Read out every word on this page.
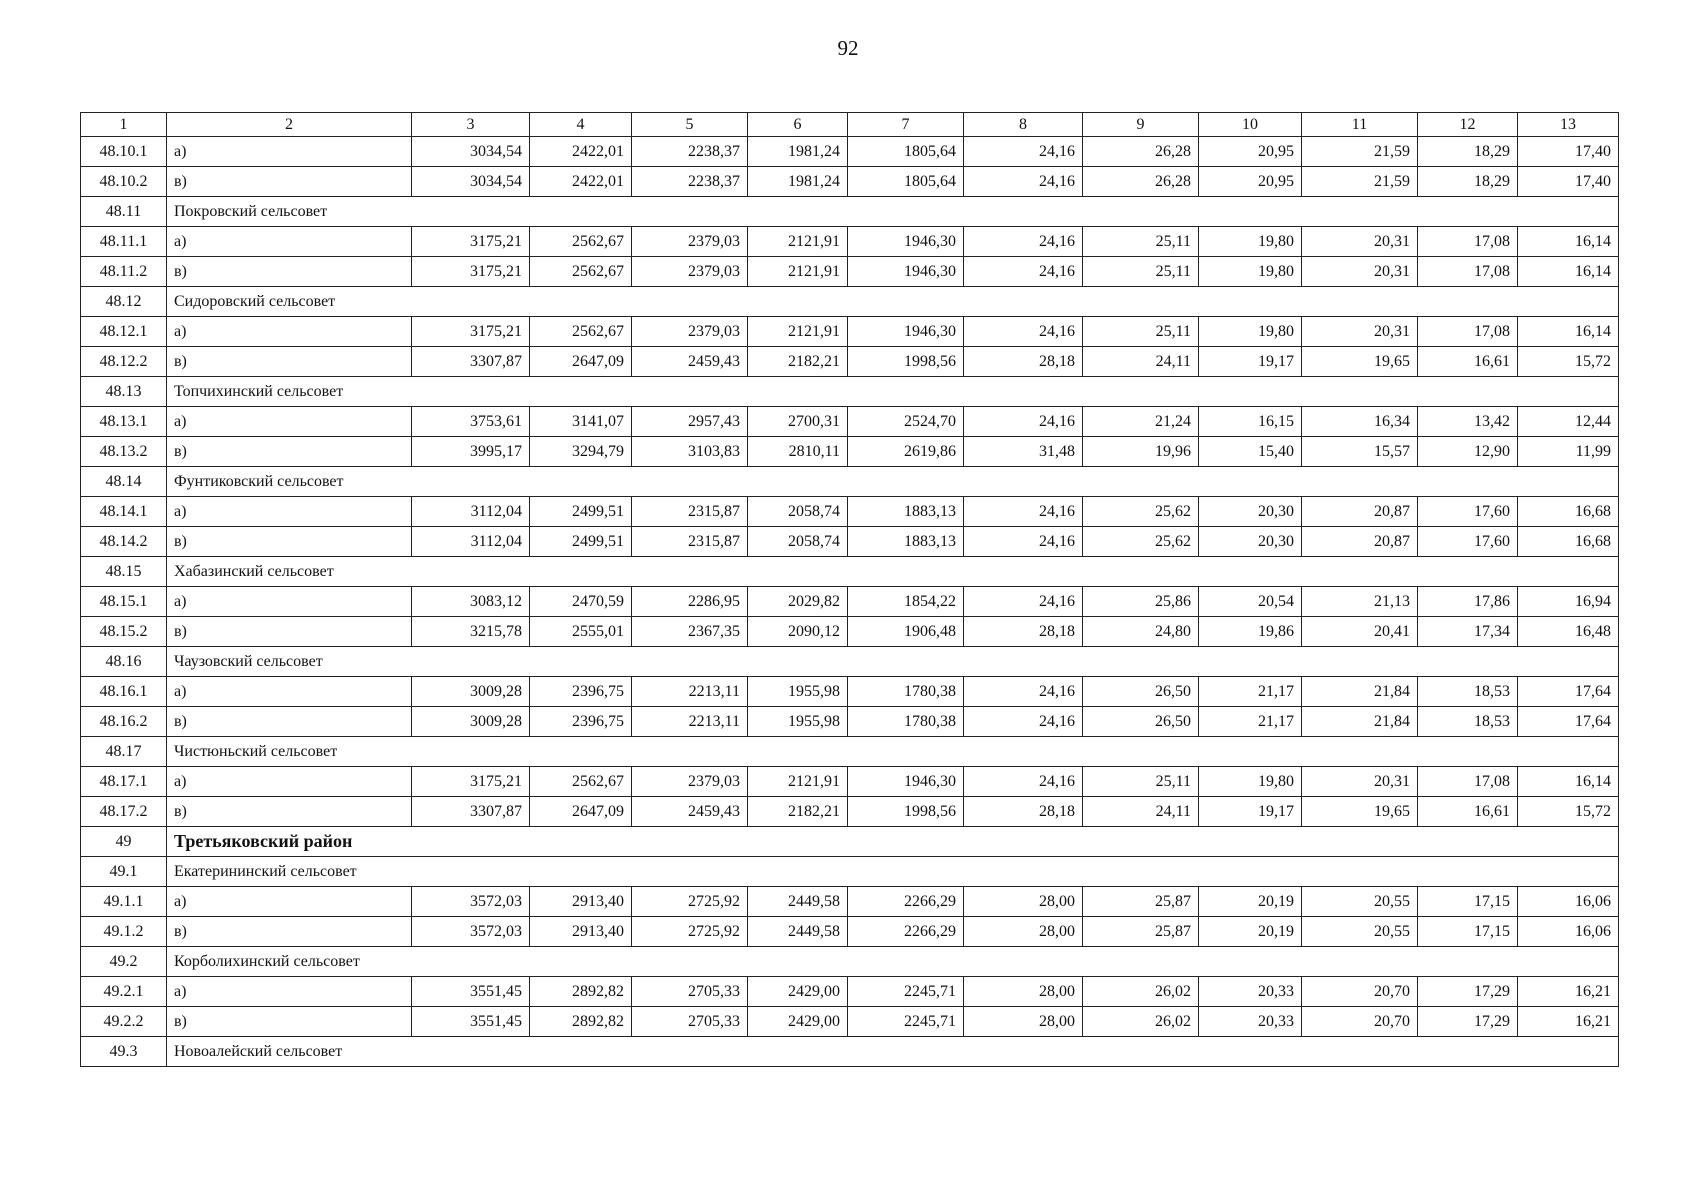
92
1	2	3	4	5	6	7	8	9	10	11	12	13
48.10.1	а)	3034,54	2422,01	2238,37	1981,24	1805,64	24,16	26,28	20,95	21,59	18,29	17,40
48.10.2	в)	3034,54	2422,01	2238,37	1981,24	1805,64	24,16	26,28	20,95	21,59	18,29	17,40
48.11	Покровский сельсовет											
48.11.1	а)	3175,21	2562,67	2379,03	2121,91	1946,30	24,16	25,11	19,80	20,31	17,08	16,14
48.11.2	в)	3175,21	2562,67	2379,03	2121,91	1946,30	24,16	25,11	19,80	20,31	17,08	16,14
48.12	Сидоровский сельсовет											
48.12.1	а)	3175,21	2562,67	2379,03	2121,91	1946,30	24,16	25,11	19,80	20,31	17,08	16,14
48.12.2	в)	3307,87	2647,09	2459,43	2182,21	1998,56	28,18	24,11	19,17	19,65	16,61	15,72
48.13	Топчихинский сельсовет											
48.13.1	а)	3753,61	3141,07	2957,43	2700,31	2524,70	24,16	21,24	16,15	16,34	13,42	12,44
48.13.2	в)	3995,17	3294,79	3103,83	2810,11	2619,86	31,48	19,96	15,40	15,57	12,90	11,99
48.14	Фунтиковский сельсовет											
48.14.1	а)	3112,04	2499,51	2315,87	2058,74	1883,13	24,16	25,62	20,30	20,87	17,60	16,68
48.14.2	в)	3112,04	2499,51	2315,87	2058,74	1883,13	24,16	25,62	20,30	20,87	17,60	16,68
48.15	Хабазинский сельсовет											
48.15.1	а)	3083,12	2470,59	2286,95	2029,82	1854,22	24,16	25,86	20,54	21,13	17,86	16,94
48.15.2	в)	3215,78	2555,01	2367,35	2090,12	1906,48	28,18	24,80	19,86	20,41	17,34	16,48
48.16	Чаузовский сельсовет											
48.16.1	а)	3009,28	2396,75	2213,11	1955,98	1780,38	24,16	26,50	21,17	21,84	18,53	17,64
48.16.2	в)	3009,28	2396,75	2213,11	1955,98	1780,38	24,16	26,50	21,17	21,84	18,53	17,64
48.17	Чистюньский сельсовет											
48.17.1	а)	3175,21	2562,67	2379,03	2121,91	1946,30	24,16	25,11	19,80	20,31	17,08	16,14
48.17.2	в)	3307,87	2647,09	2459,43	2182,21	1998,56	28,18	24,11	19,17	19,65	16,61	15,72
49	Третьяковский район											
49.1	Екатерининский сельсовет											
49.1.1	а)	3572,03	2913,40	2725,92	2449,58	2266,29	28,00	25,87	20,19	20,55	17,15	16,06
49.1.2	в)	3572,03	2913,40	2725,92	2449,58	2266,29	28,00	25,87	20,19	20,55	17,15	16,06
49.2	Корболихинский сельсовет											
49.2.1	а)	3551,45	2892,82	2705,33	2429,00	2245,71	28,00	26,02	20,33	20,70	17,29	16,21
49.2.2	в)	3551,45	2892,82	2705,33	2429,00	2245,71	28,00	26,02	20,33	20,70	17,29	16,21
49.3	Новоалейский сельсовет											
